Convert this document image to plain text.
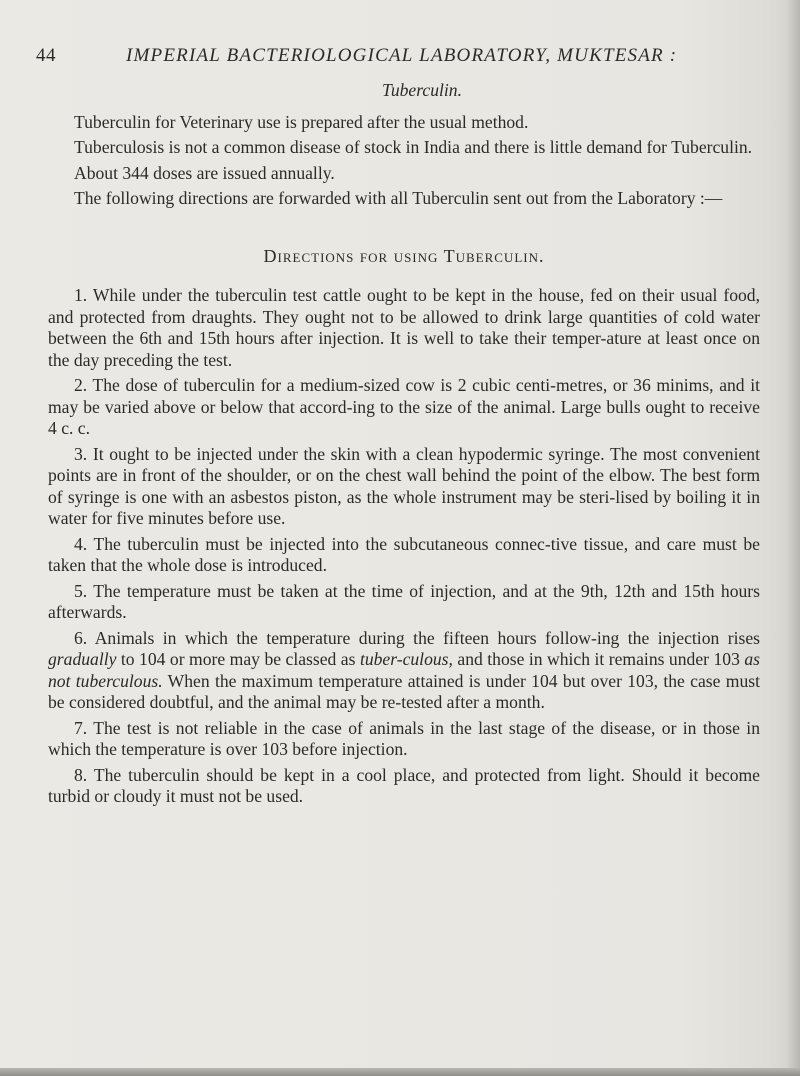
44	IMPERIAL BACTERIOLOGICAL LABORATORY, MUKTESAR :
Tuberculin.

Tuberculin for Veterinary use is prepared after the usual method.

Tuberculosis is not a common disease of stock in India and there is little demand for Tuberculin.

About 344 doses are issued annually.

The following directions are forwarded with all Tuberculin sent out from the Laboratory :—

Directions for using Tuberculin.

1. While under the tuberculin test cattle ought to be kept in the house, fed on their usual food, and protected from draughts. They ought not to be allowed to drink large quantities of cold water between the 6th and 15th hours after injection. It is well to take their temper-ature at least once on the day preceding the test.

2. The dose of tuberculin for a medium-sized cow is 2 cubic centi-metres, or 36 minims, and it may be varied above or below that accord-ing to the size of the animal. Large bulls ought to receive 4 c. c.

3. It ought to be injected under the skin with a clean hypodermic syringe. The most convenient points are in front of the shoulder, or on the chest wall behind the point of the elbow. The best form of syringe is one with an asbestos piston, as the whole instrument may be steri-lised by boiling it in water for five minutes before use.

4. The tuberculin must be injected into the subcutaneous connec-tive tissue, and care must be taken that the whole dose is introduced.

5. The temperature must be taken at the time of injection, and at the 9th, 12th and 15th hours afterwards.

6. Animals in which the temperature during the fifteen hours follow-ing the injection rises gradually to 104 or more may be classed as tuber-culous, and those in which it remains under 103 as not tuberculous. When the maximum temperature attained is under 104 but over 103, the case must be considered doubtful, and the animal may be re-tested after a month.

7. The test is not reliable in the case of animals in the last stage of the disease, or in those in which the temperature is over 103 before injection.

8. The tuberculin should be kept in a cool place, and protected from light. Should it become turbid or cloudy it must not be used.
